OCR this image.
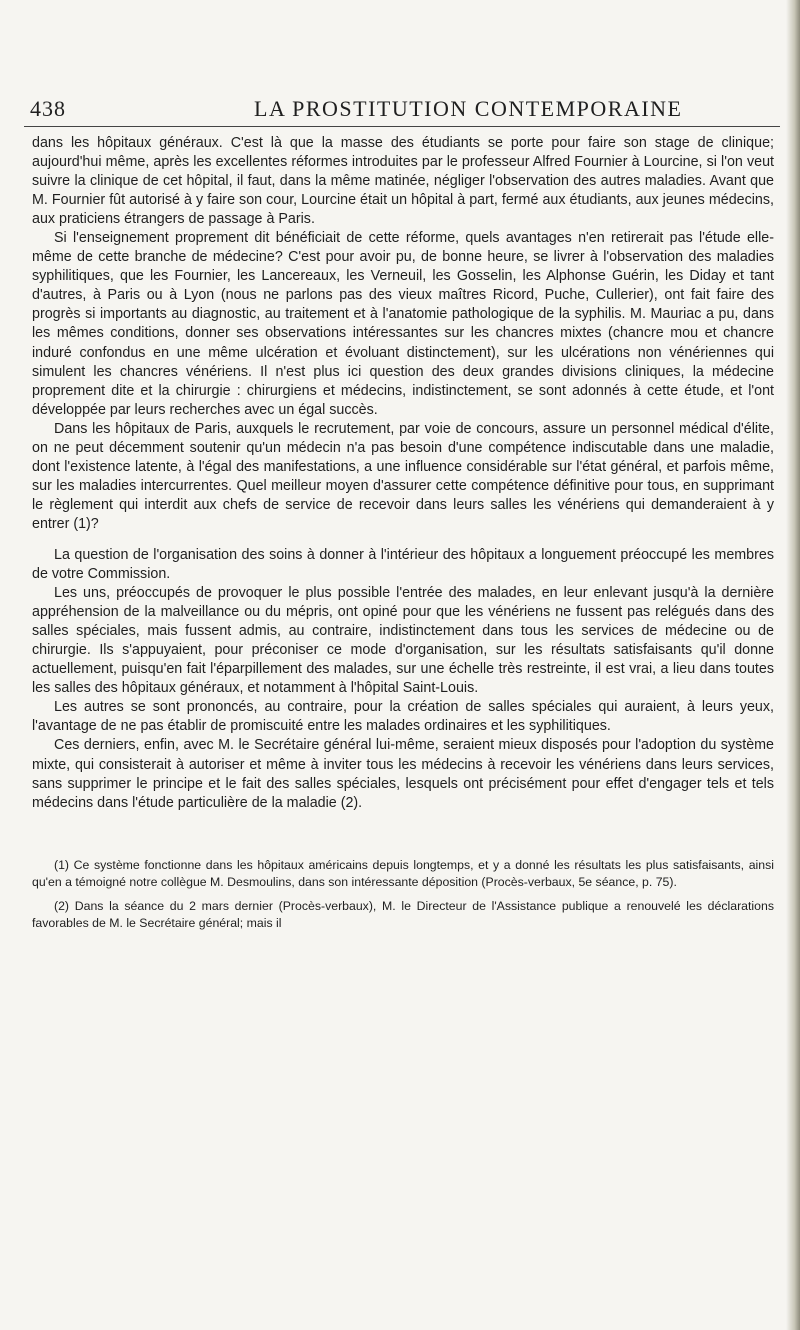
438	LA PROSTITUTION CONTEMPORAINE

dans les hôpitaux généraux. C'est là que la masse des étudiants se porte pour faire son stage de clinique; aujourd'hui même, après les excellentes réformes introduites par le professeur Alfred Fournier à Lourcine, si l'on veut suivre la clinique de cet hôpital, il faut, dans la même matinée, négliger l'observation des autres maladies. Avant que M. Fournier fût autorisé à y faire son cour, Lourcine était un hôpital à part, fermé aux étudiants, aux jeunes médecins, aux praticiens étrangers de passage à Paris.

Si l'enseignement proprement dit bénéficiait de cette réforme, quels avantages n'en retirerait pas l'étude elle-même de cette branche de médecine? C'est pour avoir pu, de bonne heure, se livrer à l'observation des maladies syphilitiques, que les Fournier, les Lancereaux, les Verneuil, les Gosselin, les Alphonse Guérin, les Diday et tant d'autres, à Paris ou à Lyon (nous ne parlons pas des vieux maîtres Ricord, Puche, Cullerier), ont fait faire des progrès si importants au diagnostic, au traitement et à l'anatomie pathologique de la syphilis. M. Mauriac a pu, dans les mêmes conditions, donner ses observations intéressantes sur les chancres mixtes (chancre mou et chancre induré confondus en une même ulcération et évoluant distinctement), sur les ulcérations non vénériennes qui simulent les chancres vénériens. Il n'est plus ici question des deux grandes divisions cliniques, la médecine proprement dite et la chirurgie : chirurgiens et médecins, indistinctement, se sont adonnés à cette étude, et l'ont développée par leurs recherches avec un égal succès.

Dans les hôpitaux de Paris, auxquels le recrutement, par voie de concours, assure un personnel médical d'élite, on ne peut décemment soutenir qu'un médecin n'a pas besoin d'une compétence indiscutable dans une maladie, dont l'existence latente, à l'égal des manifestations, a une influence considérable sur l'état général, et parfois même, sur les maladies intercurrentes. Quel meilleur moyen d'assurer cette compétence définitive pour tous, en supprimant le règlement qui interdit aux chefs de service de recevoir dans leurs salles les vénériens qui demanderaient à y entrer (1)?

La question de l'organisation des soins à donner à l'intérieur des hôpitaux a longuement préoccupé les membres de votre Commission.

Les uns, préoccupés de provoquer le plus possible l'entrée des malades, en leur enlevant jusqu'à la dernière appréhension de la malveillance ou du mépris, ont opiné pour que les vénériens ne fussent pas relégués dans des salles spéciales, mais fussent admis, au contraire, indistinctement dans tous les services de médecine ou de chirurgie. Ils s'appuyaient, pour préconiser ce mode d'organisation, sur les résultats satisfaisants qu'il donne actuellement, puisqu'en fait l'éparpillement des malades, sur une échelle très restreinte, il est vrai, a lieu dans toutes les salles des hôpitaux généraux, et notamment à l'hôpital Saint-Louis.

Les autres se sont prononcés, au contraire, pour la création de salles spéciales qui auraient, à leurs yeux, l'avantage de ne pas établir de promiscuité entre les malades ordinaires et les syphilitiques.

Ces derniers, enfin, avec M. le Secrétaire général lui-même, seraient mieux disposés pour l'adoption du système mixte, qui consisterait à autoriser et même à inviter tous les médecins à recevoir les vénériens dans leurs services, sans supprimer le principe et le fait des salles spéciales, lesquels ont précisément pour effet d'engager tels et tels médecins dans l'étude particulière de la maladie (2).

(1) Ce système fonctionne dans les hôpitaux américains depuis longtemps, et y a donné les résultats les plus satisfaisants, ainsi qu'en a témoigné notre collègue M. Desmoulins, dans son intéressante déposition (Procès-verbaux, 5e séance, p. 75).

(2) Dans la séance du 2 mars dernier (Procès-verbaux), M. le Directeur de l'Assistance publique a renouvelé les déclarations favorables de M. le Secrétaire général; mais il
